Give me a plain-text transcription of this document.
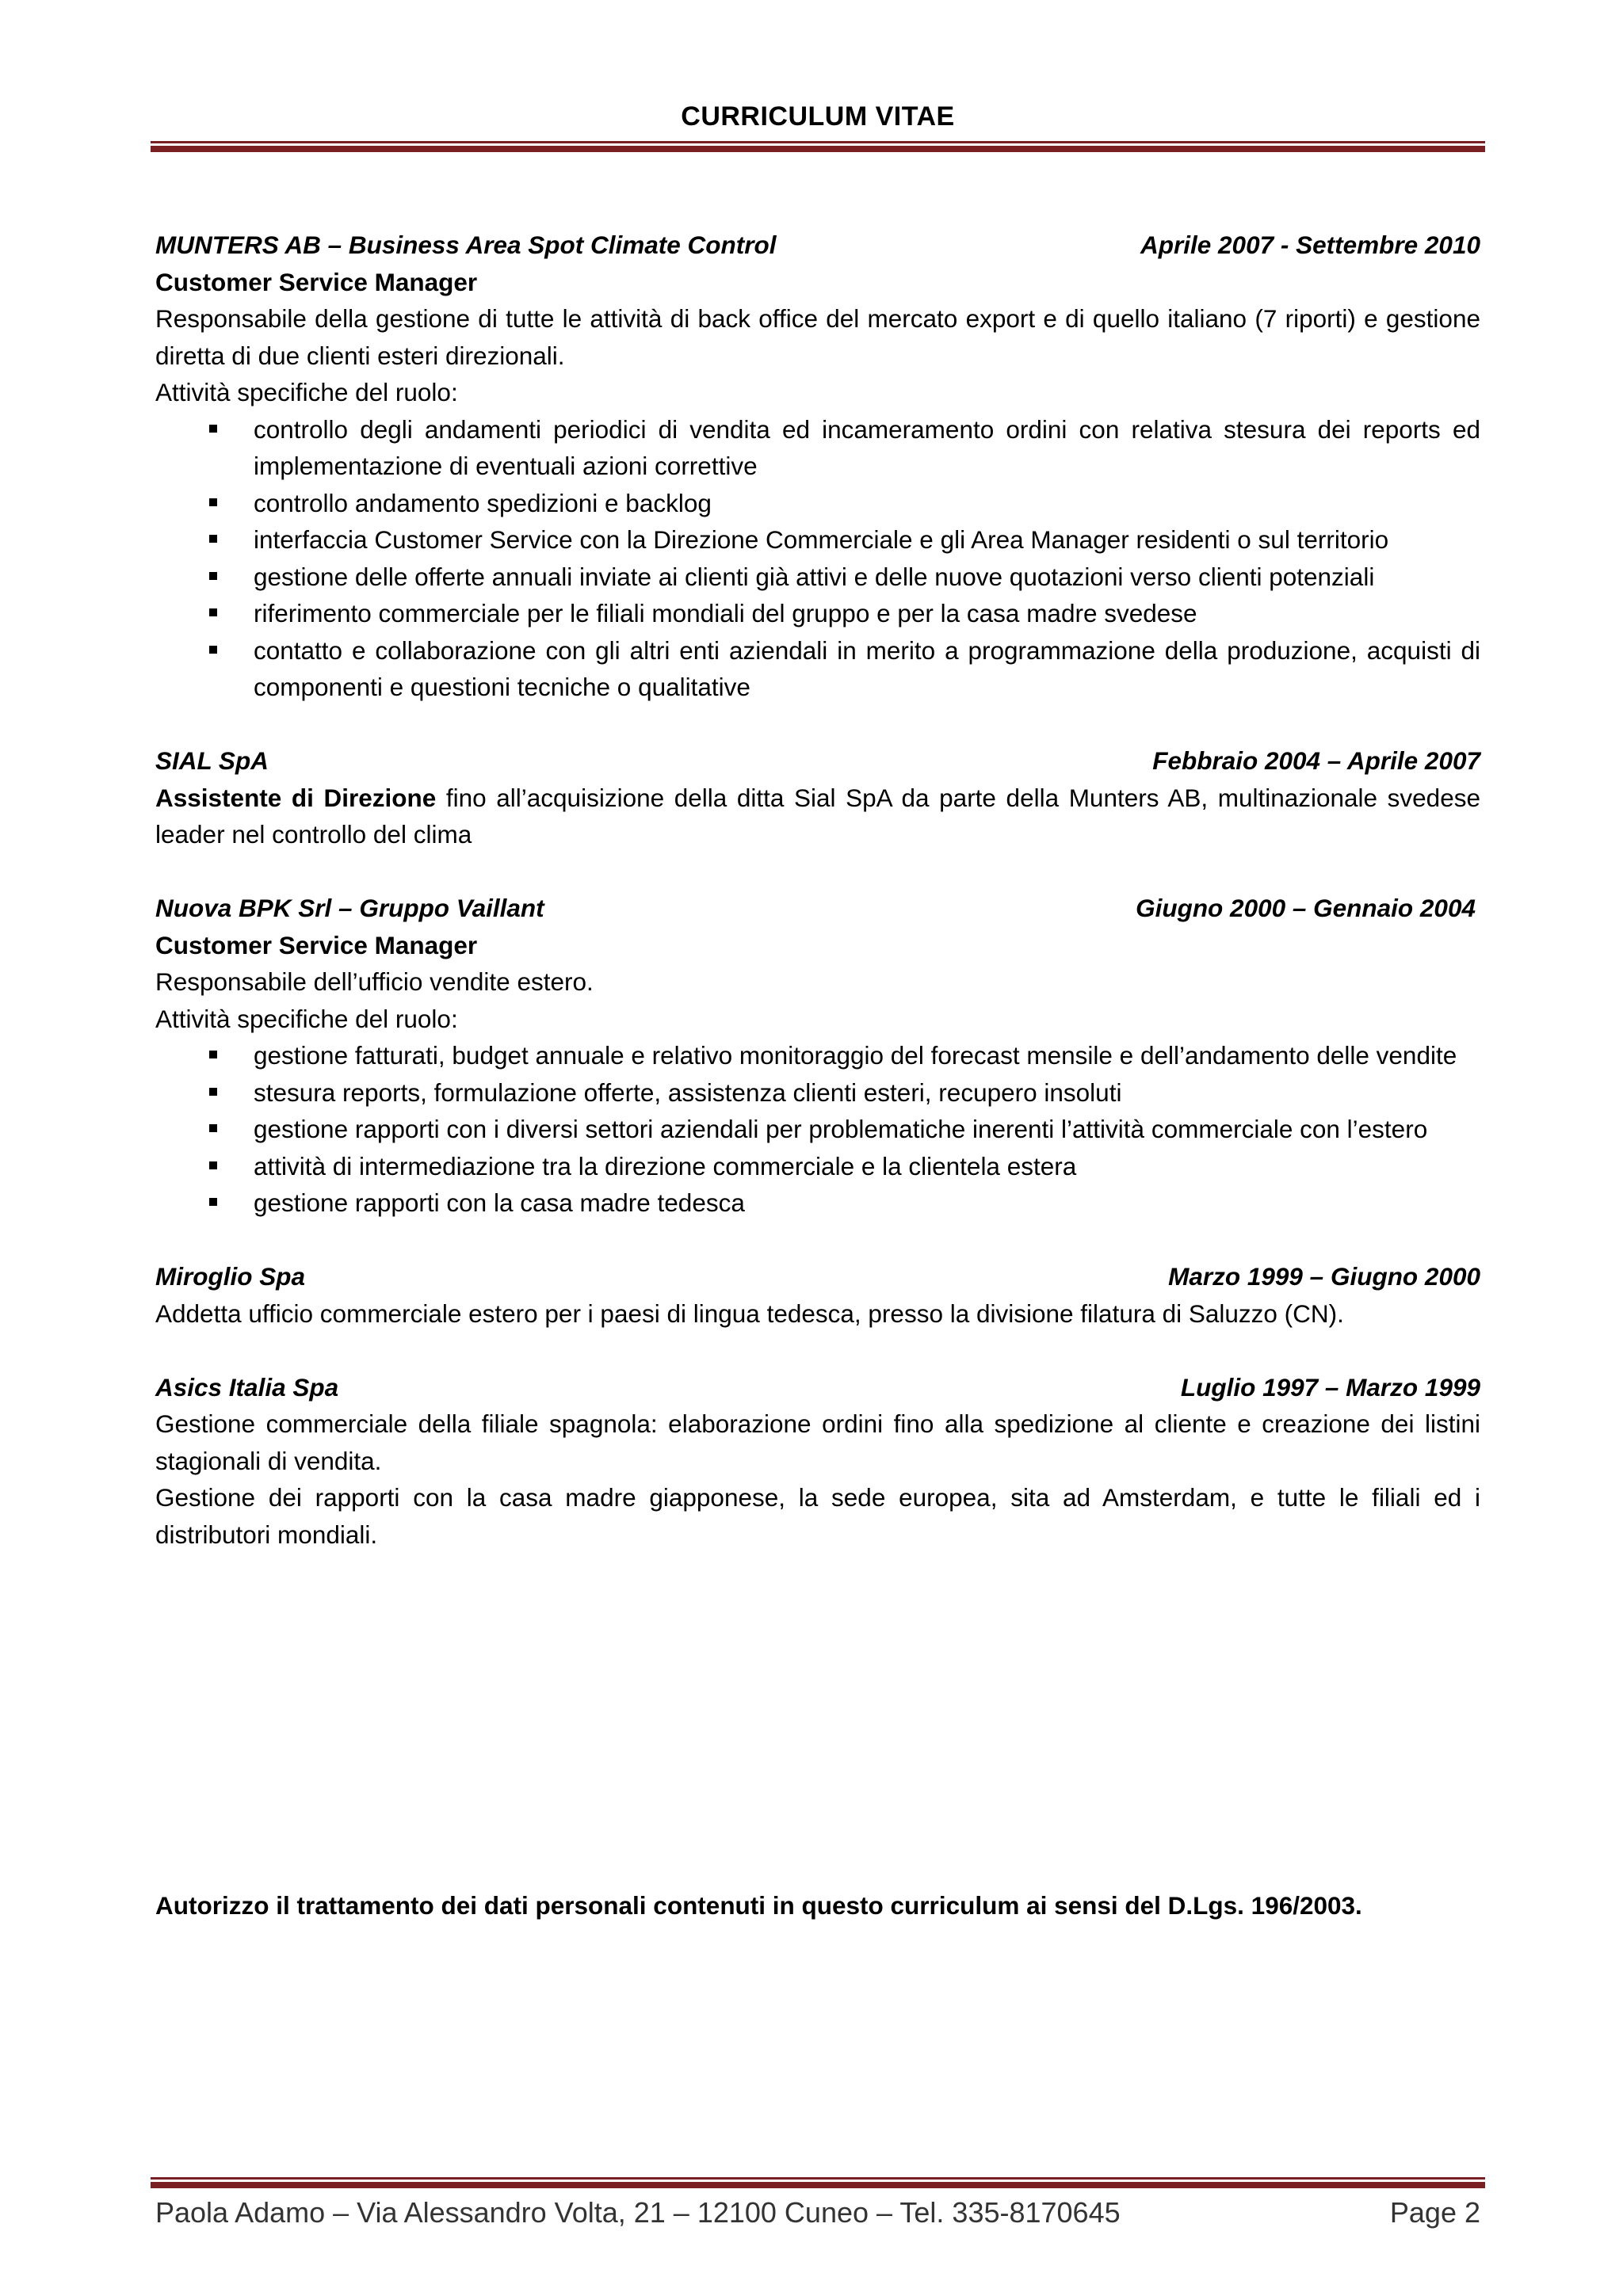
CURRICULUM VITAE
MUNTERS AB – Business Area Spot Climate Control	Aprile 2007 - Settembre 2010
Customer Service Manager

Responsabile della gestione di tutte le attività di back office del mercato export e di quello italiano (7 riporti) e gestione diretta di due clienti esteri direzionali.

Attività specifiche del ruolo:
controllo degli andamenti periodici di vendita ed incameramento ordini con relativa stesura dei reports ed implementazione di eventuali azioni correttive
controllo andamento spedizioni e backlog
interfaccia Customer Service con la Direzione Commerciale e gli Area Manager residenti o sul territorio
gestione delle offerte annuali inviate ai clienti già attivi e delle nuove quotazioni verso clienti potenziali
riferimento commerciale per le filiali mondiali del gruppo e per la casa madre svedese
contatto e collaborazione con gli altri enti aziendali in merito a programmazione della produzione, acquisti di componenti e questioni tecniche o qualitative
SIAL SpA	Febbraio 2004 – Aprile 2007

Assistente di Direzione fino all’acquisizione della ditta Sial SpA da parte della Munters AB, multinazionale svedese leader nel controllo del clima

Nuova BPK Srl – Gruppo Vaillant	Giugno 2000 – Gennaio 2004
Customer Service Manager

Responsabile dell’ufficio vendite estero.

Attività specifiche del ruolo:
gestione fatturati, budget annuale e relativo monitoraggio del forecast mensile e dell’andamento delle vendite
stesura reports, formulazione offerte, assistenza clienti esteri, recupero insoluti
gestione rapporti con i diversi settori aziendali per problematiche inerenti l’attività commerciale con l’estero
attività di intermediazione tra la direzione commerciale e la clientela estera
gestione rapporti con la casa madre tedesca
Miroglio Spa	Marzo 1999 – Giugno 2000

Addetta ufficio commerciale estero per i paesi di lingua tedesca, presso la divisione filatura di Saluzzo (CN).

Asics Italia Spa	Luglio 1997 – Marzo 1999

Gestione commerciale della filiale spagnola: elaborazione ordini fino alla spedizione al cliente e creazione dei listini stagionali di vendita.

Gestione dei rapporti con la casa madre giapponese, la sede europea, sita ad Amsterdam, e tutte le filiali ed i distributori mondiali.

Autorizzo il trattamento dei dati personali contenuti in questo curriculum ai sensi del D.Lgs. 196/2003.
Paola Adamo – Via Alessandro Volta, 21 – 12100 Cuneo – Tel. 335-8170645	Page 2
